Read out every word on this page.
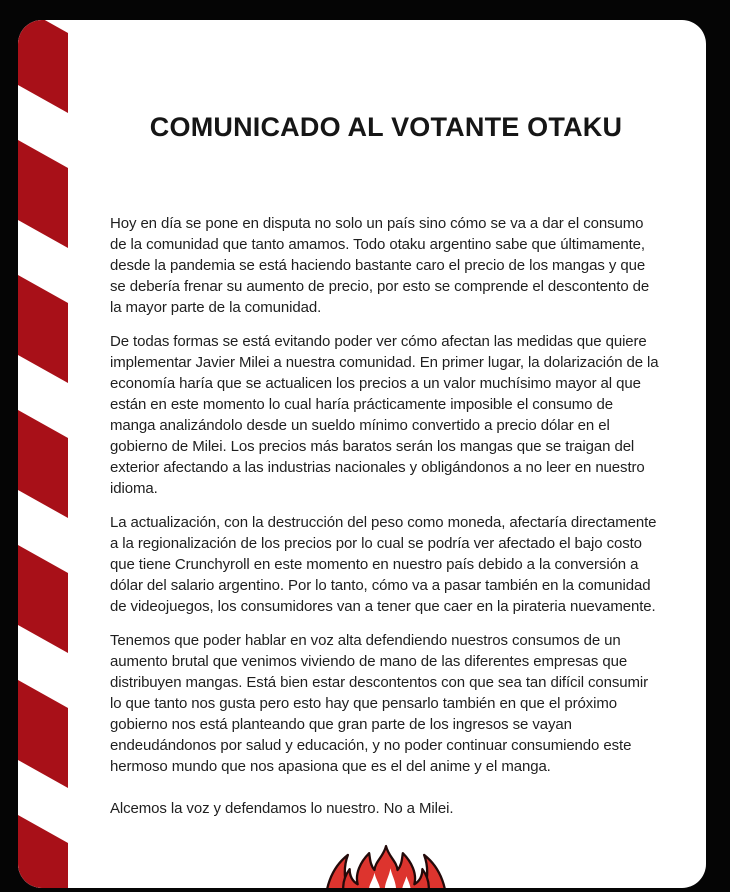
COMUNICADO AL VOTANTE OTAKU

Hoy en día se pone en disputa no solo un país sino cómo se va a dar el consumo de la comunidad que tanto amamos. Todo otaku argentino sabe que últimamente, desde la pandemia se está haciendo bastante caro el precio de los mangas y que se debería frenar su aumento de precio, por esto se comprende el descontento de la mayor parte de la comunidad.

De todas formas se está evitando poder ver cómo afectan las medidas que quiere implementar Javier Milei a nuestra comunidad. En primer lugar, la dolarización de la economía haría que se actualicen los precios a un valor muchísimo mayor al que están en este momento lo cual haría prácticamente imposible el consumo de manga analizándolo desde un sueldo mínimo convertido a precio dólar en el gobierno de Milei. Los precios más baratos serán los mangas que se traigan del exterior afectando a las industrias nacionales y obligándonos a no leer en nuestro idioma.

La actualización, con la destrucción del peso como moneda, afectaría directamente a la regionalización de los precios por lo cual se podría ver afectado el bajo costo que tiene Crunchyroll en este momento en nuestro país debido a la conversión a dólar del salario argentino. Por lo tanto, cómo va a pasar también en la comunidad de videojuegos, los consumidores van a tener que caer en la pirateria nuevamente.

Tenemos que poder hablar en voz alta defendiendo nuestros consumos de un aumento brutal que venimos viviendo de mano de las diferentes empresas que distribuyen mangas. Está bien estar descontentos con que sea tan difícil consumir lo que tanto nos gusta pero esto hay que pensarlo también en que el próximo gobierno nos está planteando que gran parte de los ingresos se vayan endeudándonos por salud y educación, y no poder continuar consumiendo este hermoso mundo que nos apasiona que es el del anime y el manga.

Alcemos la voz y defendamos lo nuestro. No a Milei.
